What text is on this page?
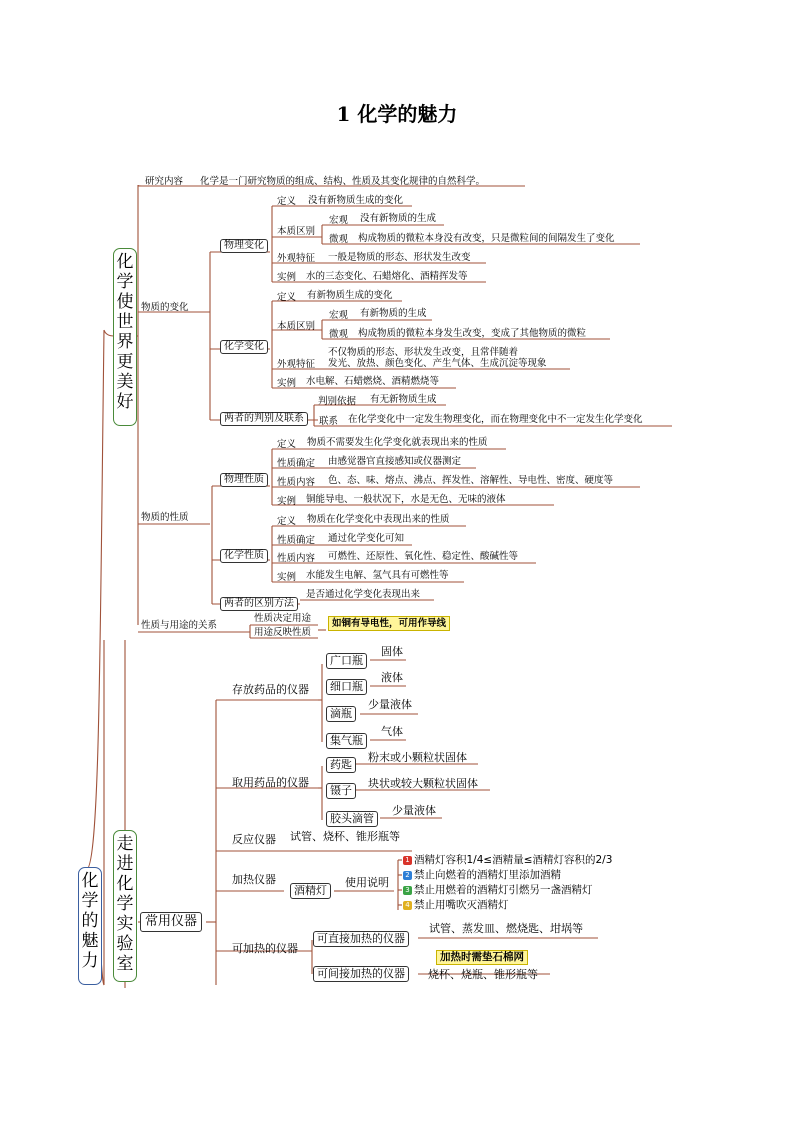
1 化学的魅力
化学的魅力
化学使世界更美好
研究内容 化学是一门研究物质的组成、结构、性质及其变化规律的自然科学。
物质的变化
物理变化
定义 没有新物质生成的变化
本质区别
宏观 没有新物质的生成
微观 构成物质的微粒本身没有改变，只是微粒间的间隔发生了变化
外观特征 一般是物质的形态、形状发生改变
实例 水的三态变化、石蜡熔化、酒精挥发等
化学变化
定义 有新物质生成的变化
本质区别
宏观 有新物质的生成
微观 构成物质的微粒本身发生改变，变成了其他物质的微粒
外观特征
不仅物质的形态、形状发生改变，且常伴随着
发光、放热、颜色变化、产生气体、生成沉淀等现象
实例 水电解、石蜡燃烧、酒精燃烧等
两者的判别及联系
判别依据 有无新物质生成
联系 在化学变化中一定发生物理变化，而在物理变化中不一定发生化学变化
物质的性质
物理性质
定义 物质不需要发生化学变化就表现出来的性质
性质确定 由感觉器官直接感知或仪器测定
性质内容 色、态、味、熔点、沸点、挥发性、溶解性、导电性、密度、硬度等
实例 铜能导电、一般状况下，水是无色、无味的液体
化学性质
定义 物质在化学变化中表现出来的性质
性质确定 通过化学变化可知
性质内容 可燃性、还原性、氧化性、稳定性、酸碱性等
实例 水能发生电解、氢气具有可燃性等
两者的区别方法
是否通过化学变化表现出来
性质与用途的关系
性质决定用途
用途反映性质
如铜有导电性，可用作导线
走进化学实验室
常用仪器
存放药品的仪器
广口瓶
固体
细口瓶
液体
滴瓶
少量液体
集气瓶
气体
取用药品的仪器
药匙
粉末或小颗粒状固体
镊子
块状或较大颗粒状固体
胶头滴管
少量液体
反应仪器 试管、烧杯、锥形瓶等
加热仪器
酒精灯
使用说明
1 酒精灯容积1/4≤酒精量≤酒精灯容积的2/3
2 禁止向燃着的酒精灯里添加酒精
3 禁止用燃着的酒精灯引燃另一盏酒精灯
4 禁止用嘴吹灭酒精灯
可加热的仪器
可直接加热的仪器
试管、蒸发皿、燃烧匙、坩埚等
可间接加热的仪器
加热时需垫石棉网
烧杯、烧瓶、锥形瓶等
